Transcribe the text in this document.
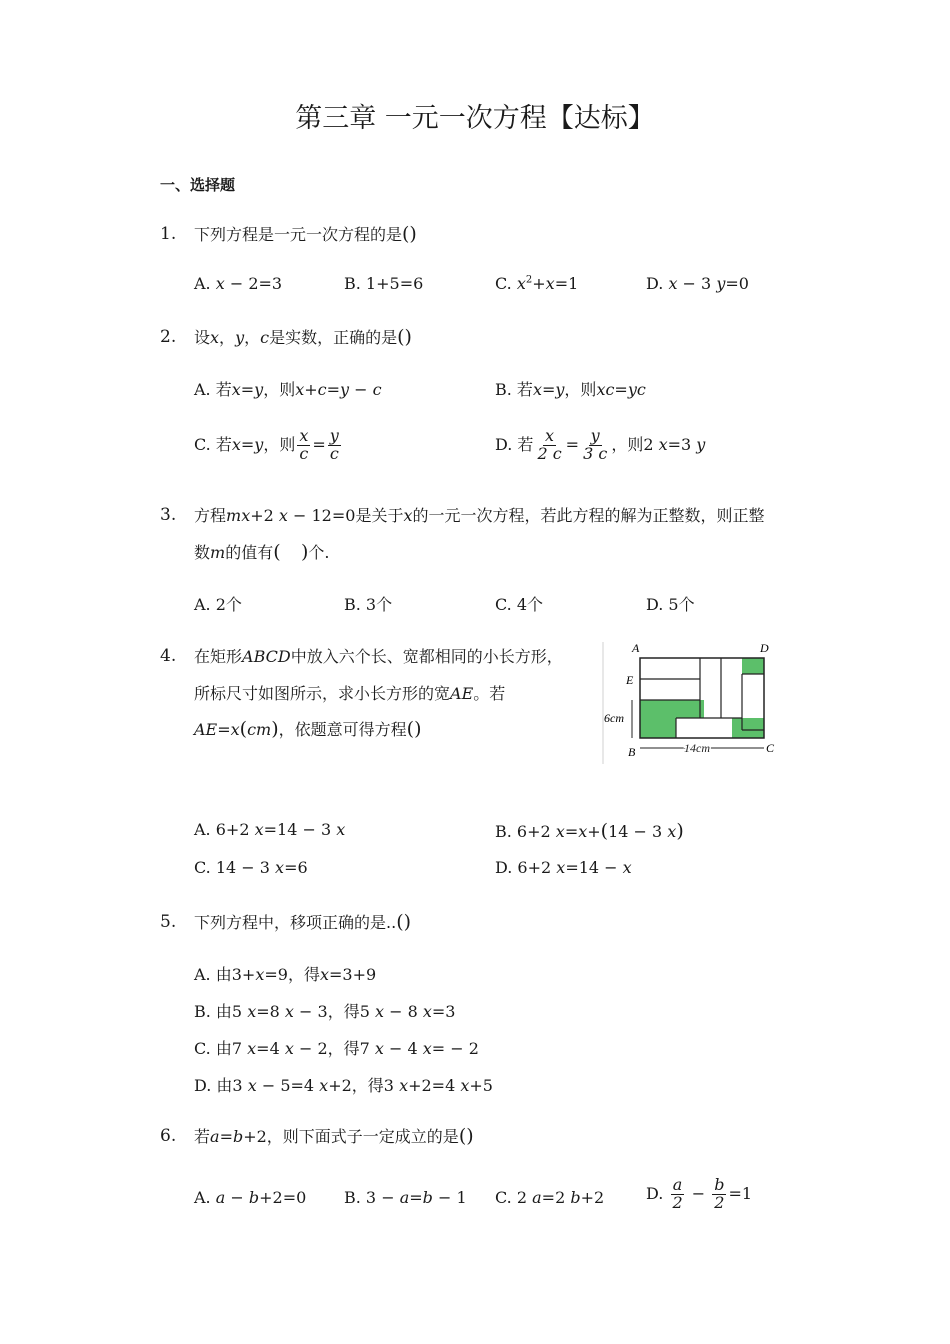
第三章 一元一次方程【达标】
一、选择题
1. 下列方程是一元一次方程的是()
A. x − 2=3	B. 1+5=6	C. $x^2+x=1$	D. x − 3 y=0
2. 设x，y，c是实数，正确的是()
A. 若x=y，则x+c=y − c	B. 若x=y，则xc=yc
C. 若x=y，则 $\frac{x}{c} = \frac{y}{c}$	D. 若 $\frac{x}{2 c} = \frac{y}{3 c}$ ，则2 x=3 y
3. 方程mx+2 x − 12=0是关于x的一元一次方程，若此方程的解为正整数，则正整
数m的值有( )个.
A. 2个	B. 3个	C. 4个	D. 5个
4. 在矩形ABCD中放入六个长、宽都相同的小长方形，
所标尺寸如图所示，求小长方形的宽AE。若
AE=x(cm)，依题意可得方程()
A	D
E
6cm
B	14cm	C
A. 6+2 x=14 − 3 x	B. 6+2 x=x+(14 − 3 x)
C. 14 − 3 x=6	D. 6+2 x=14 − x
5. 下列方程中，移项正确的是..()
A. 由3+x=9，得x=3+9
B. 由5 x=8 x − 3，得5 x − 8 x=3
C. 由7 x=4 x − 2，得7 x − 4 x= − 2
D. 由3 x − 5=4 x+2，得3 x+2=4 x+5
6. 若a=b+2，则下面式子一定成立的是()
A. a − b+2=0 B. 3 − a=b − 1 C. 2 a=2 b+2	D. $\frac{a}{2} - \frac{b}{2} =1$
